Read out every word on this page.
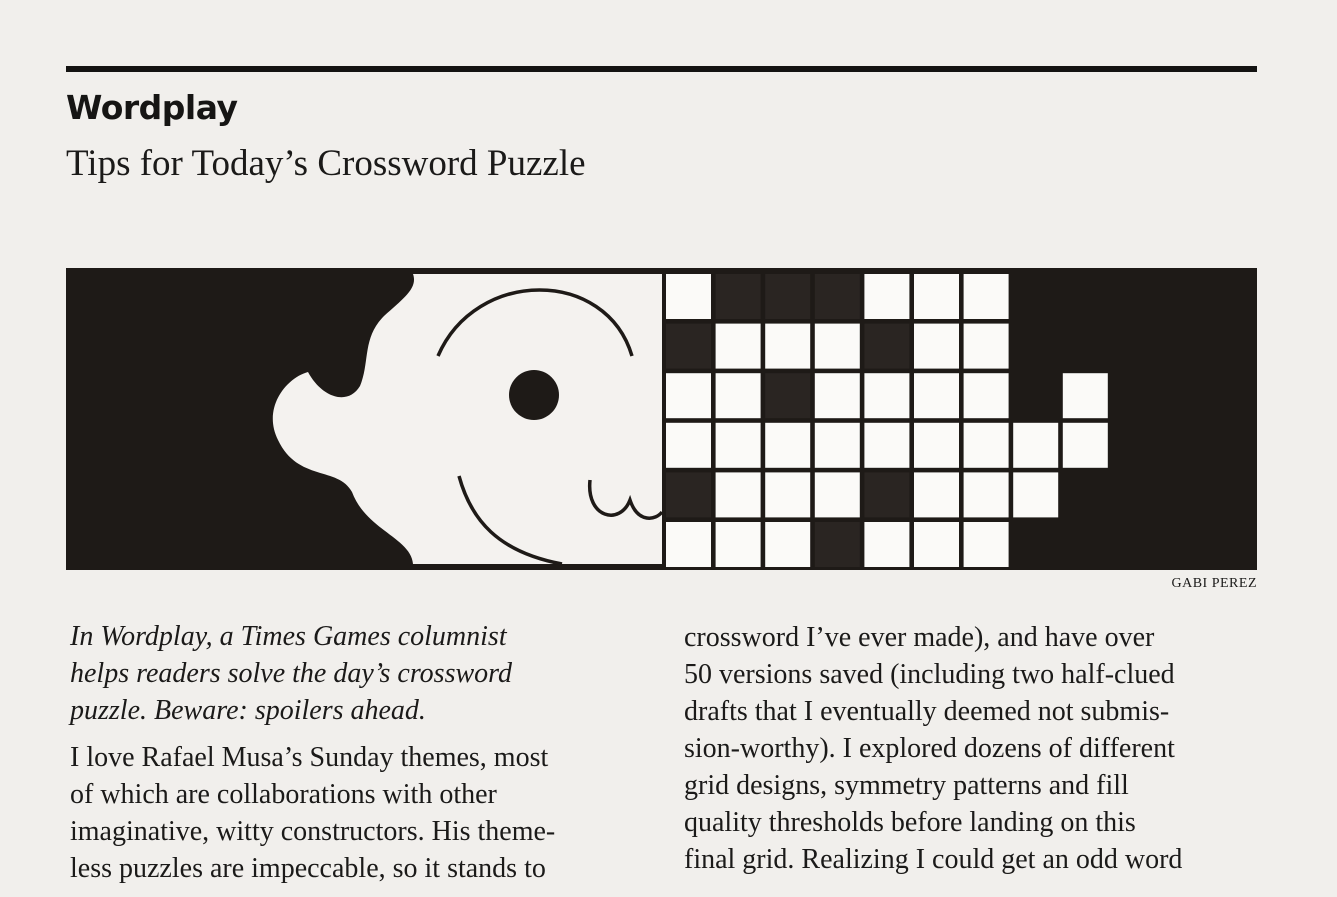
Wordplay
Tips for Today’s Crossword Puzzle
GABI PEREZ

In Wordplay, a Times Games columnist
helps readers solve the day’s crossword
puzzle. Beware: spoilers ahead.

I love Rafael Musa’s Sunday themes, most
of which are collaborations with other
imaginative, witty constructors. His theme-
less puzzles are impeccable, so it stands to

crossword I’ve ever made), and have over
50 versions saved (including two half-clued
drafts that I eventually deemed not submis-
sion-worthy). I explored dozens of different
grid designs, symmetry patterns and fill
quality thresholds before landing on this
final grid. Realizing I could get an odd word
